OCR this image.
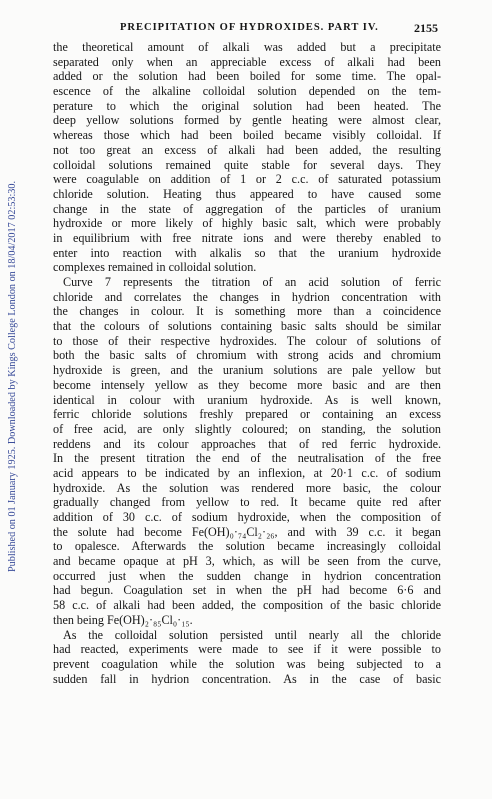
Published on 01 January 1925. Downloaded by Kings College London on 18/04/2017 02:53:30.
PRECIPITATION OF HYDROXIDES. PART IV.	2155
the theoretical amount of alkali was added but a precipitate
separated only when an appreciable excess of alkali had been
added or the solution had been boiled for some time. The opal-
escence of the alkaline colloidal solution depended on the tem-
perature to which the original solution had been heated. The
deep yellow solutions formed by gentle heating were almost clear,
whereas those which had been boiled became visibly colloidal. If
not too great an excess of alkali had been added, the resulting
colloidal solutions remained quite stable for several days. They
were coagulable on addition of 1 or 2 c.c. of saturated potassium
chloride solution. Heating thus appeared to have caused some
change in the state of aggregation of the particles of uranium
hydroxide or more likely of highly basic salt, which were probably
in equilibrium with free nitrate ions and were thereby enabled to
enter into reaction with alkalis so that the uranium hydroxide
complexes remained in colloidal solution.
Curve 7 represents the titration of an acid solution of ferric
chloride and correlates the changes in hydrion concentration with
the changes in colour. It is something more than a coincidence
that the colours of solutions containing basic salts should be similar
to those of their respective hydroxides. The colour of solutions of
both the basic salts of chromium with strong acids and chromium
hydroxide is green, and the uranium solutions are pale yellow but
become intensely yellow as they become more basic and are then
identical in colour with uranium hydroxide. As is well known,
ferric chloride solutions freshly prepared or containing an excess
of free acid, are only slightly coloured; on standing, the solution
reddens and its colour approaches that of red ferric hydroxide.
In the present titration the end of the neutralisation of the free
acid appears to be indicated by an inflexion, at 20·1 c.c. of sodium
hydroxide. As the solution was rendered more basic, the colour
gradually changed from yellow to red. It became quite red after
addition of 30 c.c. of sodium hydroxide, when the composition of
the solute had become Fe(OH)₀·₇₄Cl₂·₂₆, and with 39 c.c. it began
to opalesce. Afterwards the solution became increasingly colloidal
and became opaque at pH 3, which, as will be seen from the curve,
occurred just when the sudden change in hydrion concentration
had begun. Coagulation set in when the pH had become 6·6 and
58 c.c. of alkali had been added, the composition of the basic chloride
then being Fe(OH)₂·₈₅Cl₀·₁₅.
As the colloidal solution persisted until nearly all the chloride
had reacted, experiments were made to see if it were possible to
prevent coagulation while the solution was being subjected to a
sudden fall in hydrion concentration. As in the case of basic
